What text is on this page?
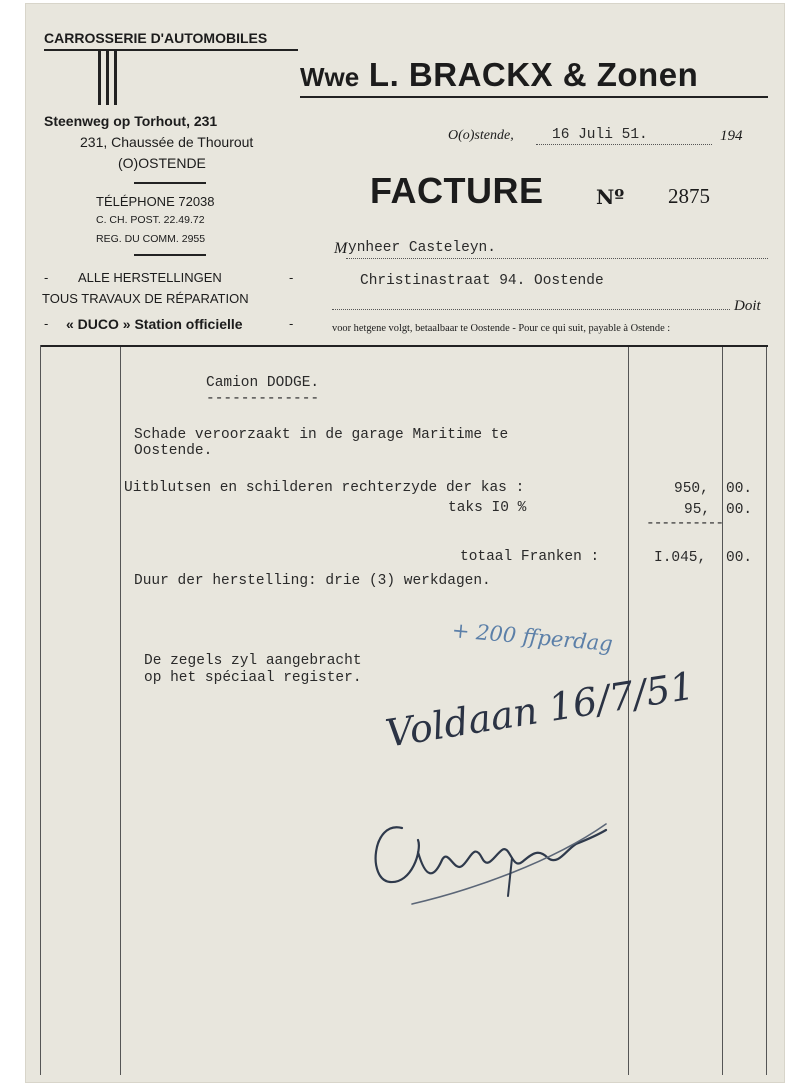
CARROSSERIE D'AUTOMOBILES
Steenweg op Torhout, 231
231, Chaussée de Thourout
(O)OSTENDE
TÉLÉPHONE 72038
C. CH. POST. 22.49.72
REG. DU COMM. 2955
- ALLE HERSTELLINGEN	-
TOUS TRAVAUX DE RÉPARATION
- « DUCO » Station officielle	-
Wwe L. BRACKX & Zonen
O(o)stende,	16 Juli 51.	194
FACTURE	Nº 2875
M ynheer Casteleyn.
Christinastraat 94. Oostende
Doit
voor hetgene volgt, betaalbaar te Oostende - Pour ce qui suit, payable à Ostende :
Camion DODGE.
-------------
Schade veroorzaakt in de garage Maritime te
Oostende.
Uitblutsen en schilderen rechterzyde der kas :	950, 00.
taks I0 %	95, 00.
----------
totaal Franken :	I.045, 00.
Duur der herstelling: drie (3) werkdagen.
De zegels zyl aangebracht
op het spéciaal register.
+ 200 ffperdag
Voldaan 16/7/51
